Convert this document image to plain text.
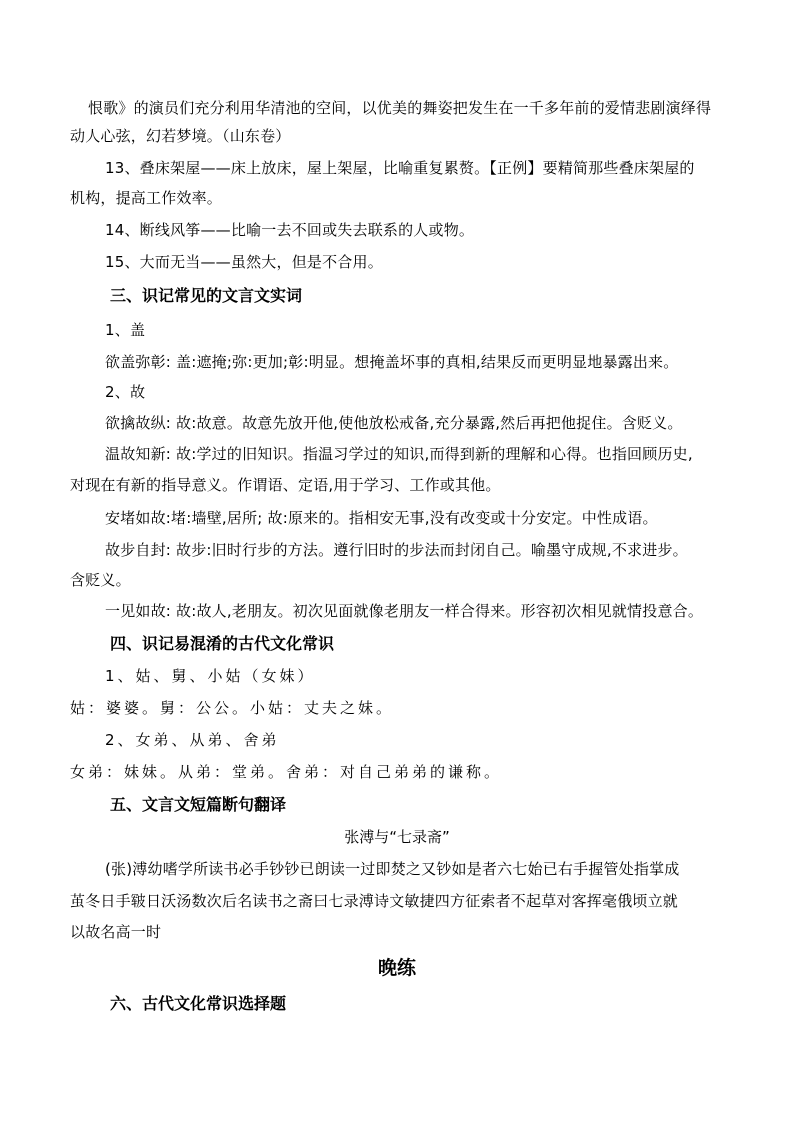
恨歌》的演员们充分利用华清池的空间，以优美的舞姿把发生在一千多年前的爱情悲剧演绎得
动人心弦，幻若梦境。（山东卷）
13、叠床架屋——床上放床，屋上架屋，比喻重复累赘。【正例】要精简那些叠床架屋的
机构，提高工作效率。
14、断线风筝——比喻一去不回或失去联系的人或物。
15、大而无当——虽然大，但是不合用。
三、识记常见的文言文实词
1、盖
欲盖弥彰: 盖:遮掩;弥:更加;彰:明显。想掩盖坏事的真相,结果反而更明显地暴露出来。
2、故
欲擒故纵: 故:故意。故意先放开他,使他放松戒备,充分暴露,然后再把他捉住。含贬义。
温故知新: 故:学过的旧知识。指温习学过的知识,而得到新的理解和心得。也指回顾历史,
对现在有新的指导意义。作谓语、定语,用于学习、工作或其他。
安堵如故:堵:墙壁,居所; 故:原来的。指相安无事,没有改变或十分安定。中性成语。
故步自封: 故步:旧时行步的方法。遵行旧时的步法而封闭自己。喻墨守成规,不求进步。
含贬义。
一见如故: 故:故人,老朋友。初次见面就像老朋友一样合得来。形容初次相见就情投意合。
四、识记易混淆的古代文化常识
1、姑、舅、小姑（女妹）
姑：婆婆。舅：公公。小姑：丈夫之妹。
2、女弟、从弟、舍弟
女弟：妹妹。从弟：堂弟。舍弟：对自己弟弟的谦称。
五、文言文短篇断句翻译
张溥与“七录斋”
(张)溥幼嗜学所读书必手钞钞已朗读一过即焚之又钞如是者六七始已右手握管处指掌成
茧冬日手皲日沃汤数次后名读书之斋曰七录溥诗文敏捷四方征索者不起草对客挥毫俄顷立就
以故名高一时
晚练
六、古代文化常识选择题
